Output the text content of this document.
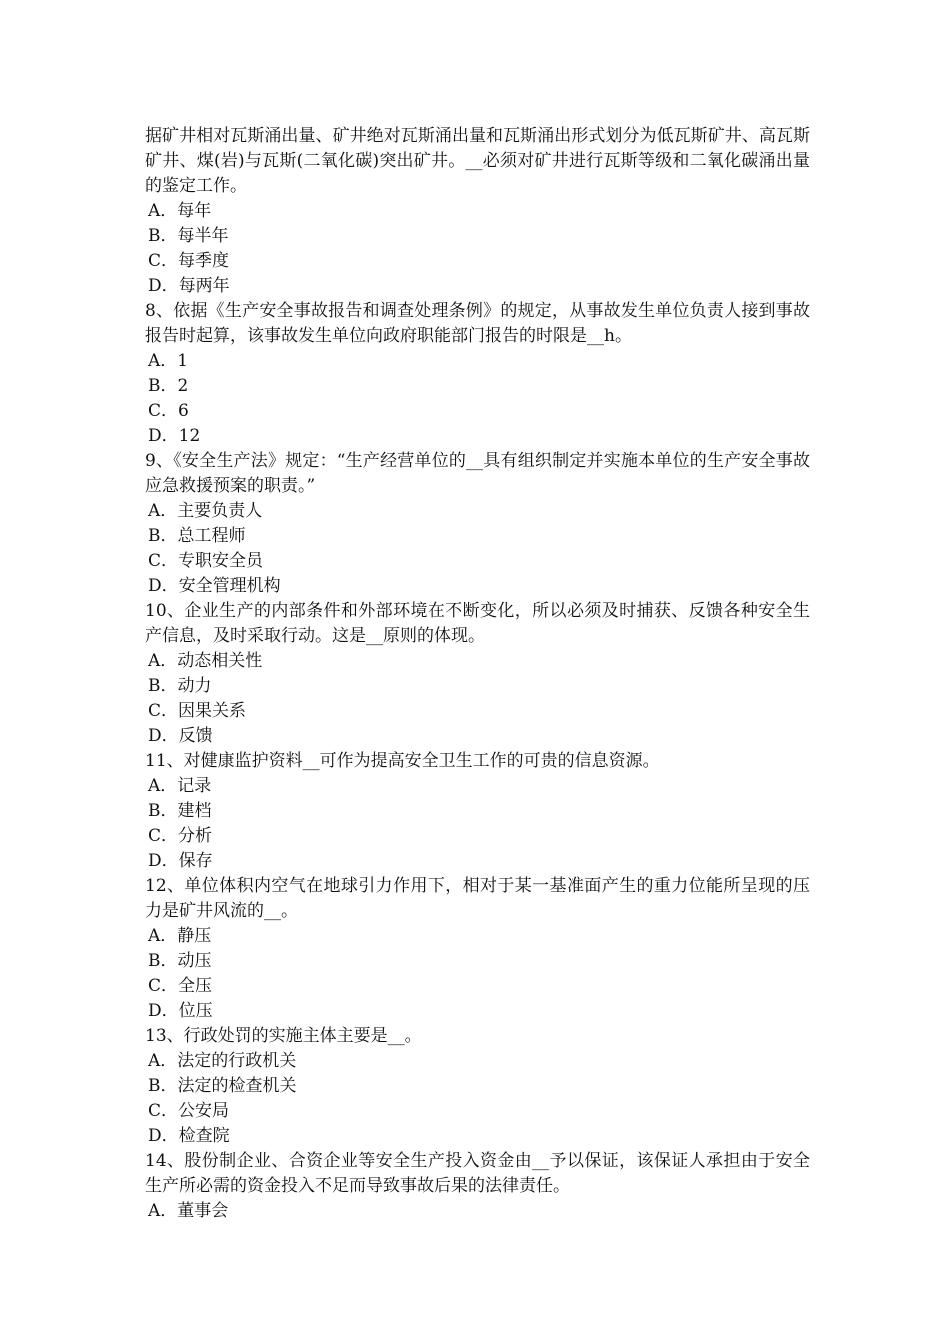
据矿井相对瓦斯涌出量、矿井绝对瓦斯涌出量和瓦斯涌出形式划分为低瓦斯矿井、高瓦斯矿井、煤(岩)与瓦斯(二氧化碳)突出矿井。__必须对矿井进行瓦斯等级和二氧化碳涌出量的鉴定工作。

A．每年

B．每半年

C．每季度

D．每两年

8、依据《生产安全事故报告和调查处理条例》的规定，从事故发生单位负责人接到事故报告时起算，该事故发生单位向政府职能部门报告的时限是__h。

A．1

B．2

C．6

D．12

9、《安全生产法》规定：“生产经营单位的__具有组织制定并实施本单位的生产安全事故应急救援预案的职责。”

A．主要负责人

B．总工程师

C．专职安全员

D．安全管理机构

10、企业生产的内部条件和外部环境在不断变化，所以必须及时捕获、反馈各种安全生产信息，及时采取行动。这是__原则的体现。

A．动态相关性

B．动力

C．因果关系

D．反馈

11、对健康监护资料__可作为提高安全卫生工作的可贵的信息资源。

A．记录

B．建档

C．分析

D．保存

12、单位体积内空气在地球引力作用下，相对于某一基准面产生的重力位能所呈现的压力是矿井风流的__。

A．静压

B．动压

C．全压

D．位压

13、行政处罚的实施主体主要是__。

A．法定的行政机关

B．法定的检查机关

C．公安局

D．检查院

14、股份制企业、合资企业等安全生产投入资金由__予以保证，该保证人承担由于安全生产所必需的资金投入不足而导致事故后果的法律责任。

A．董事会
